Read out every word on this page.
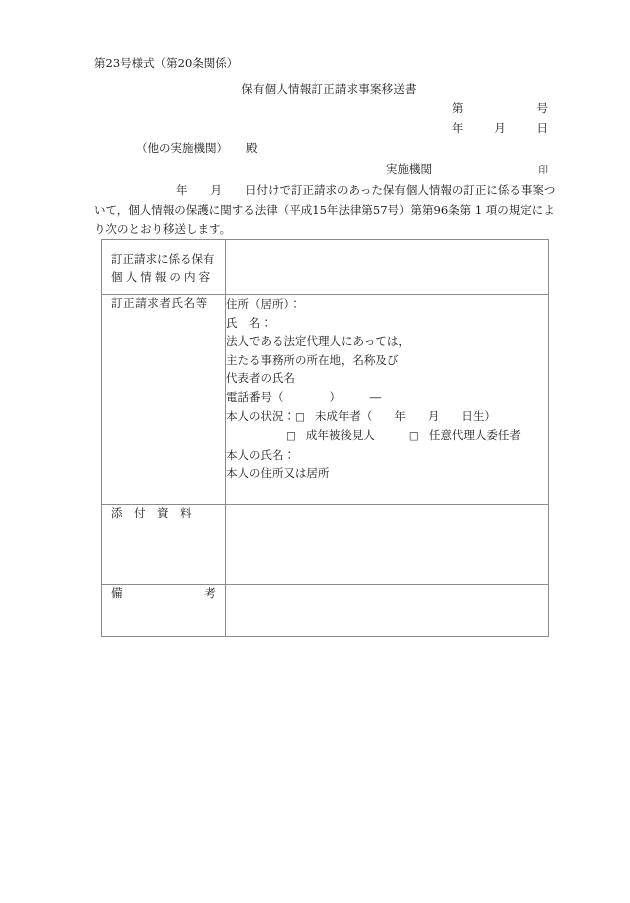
第23号様式（第20条関係）
保有個人情報訂正請求事案移送書
第	号
年	月	日
（他の実施機関） 殿
実施機関	印
年　　月　　日付けで訂正請求のあった保有個人情報の訂正に係る事案つ
いて，個人情報の保護に関する法律（平成15年法律第57号）第第96条第 1 項の規定によ
り次のとおり移送します。
訂正請求に係る保有
個人情報の内容	

訂正請求者氏名等	住所（居所）：
氏　名：
法人である法定代理人にあっては，
主たる事務所の所在地，名称及び
代表者の氏名
電話番号（　　　　）　　　―
本人の状況：□ 未成年者（ 年 月 日生）
□ 成年被後見人	□ 任意代理人委任者
本人の氏名：
本人の住所又は居所

添付資料	

備 考	
